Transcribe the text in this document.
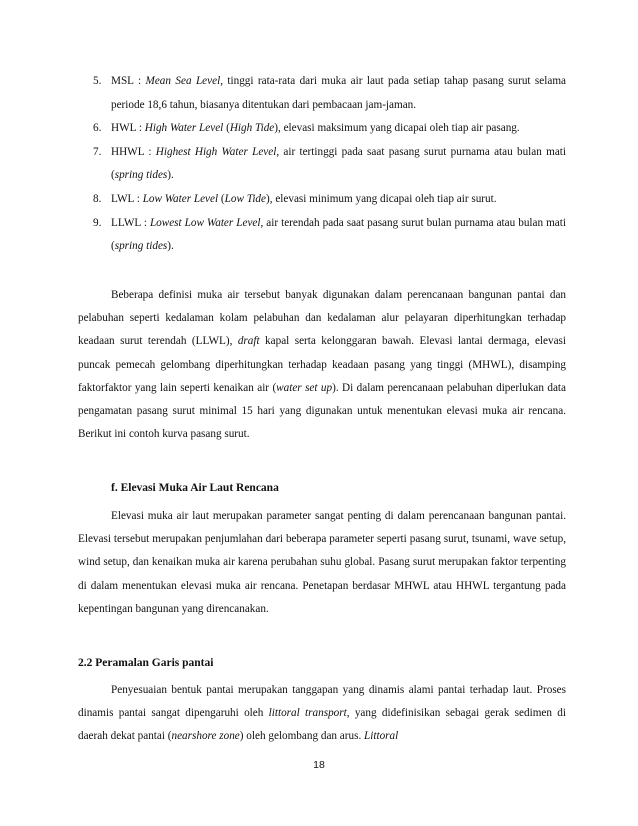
5. MSL : Mean Sea Level, tinggi rata-rata dari muka air laut pada setiap tahap pasang surut selama periode 18,6 tahun, biasanya ditentukan dari pembacaan jam-jaman.
6. HWL : High Water Level (High Tide), elevasi maksimum yang dicapai oleh tiap air pasang.
7. HHWL : Highest High Water Level, air tertinggi pada saat pasang surut purnama atau bulan mati (spring tides).
8. LWL : Low Water Level (Low Tide), elevasi minimum yang dicapai oleh tiap air surut.
9. LLWL : Lowest Low Water Level, air terendah pada saat pasang surut bulan purnama atau bulan mati (spring tides).

Beberapa definisi muka air tersebut banyak digunakan dalam perencanaan bangunan pantai dan pelabuhan seperti kedalaman kolam pelabuhan dan kedalaman alur pelayaran diperhitungkan terhadap keadaan surut terendah (LLWL), draft kapal serta kelonggaran bawah. Elevasi lantai dermaga, elevasi puncak pemecah gelombang diperhitungkan terhadap keadaan pasang yang tinggi (MHWL), disamping faktorfaktor yang lain seperti kenaikan air (water set up). Di dalam perencanaan pelabuhan diperlukan data pengamatan pasang surut minimal 15 hari yang digunakan untuk menentukan elevasi muka air rencana. Berikut ini contoh kurva pasang surut.

f. Elevasi Muka Air Laut Rencana

Elevasi muka air laut merupakan parameter sangat penting di dalam perencanaan bangunan pantai. Elevasi tersebut merupakan penjumlahan dari beberapa parameter seperti pasang surut, tsunami, wave setup, wind setup, dan kenaikan muka air karena perubahan suhu global. Pasang surut merupakan faktor terpenting di dalam menentukan elevasi muka air rencana. Penetapan berdasar MHWL atau HHWL tergantung pada kepentingan bangunan yang direncanakan.

2.2 Peramalan Garis pantai

Penyesuaian bentuk pantai merupakan tanggapan yang dinamis alami pantai terhadap laut. Proses dinamis pantai sangat dipengaruhi oleh littoral transport, yang didefinisikan sebagai gerak sedimen di daerah dekat pantai (nearshore zone) oleh gelombang dan arus. Littoral

18
